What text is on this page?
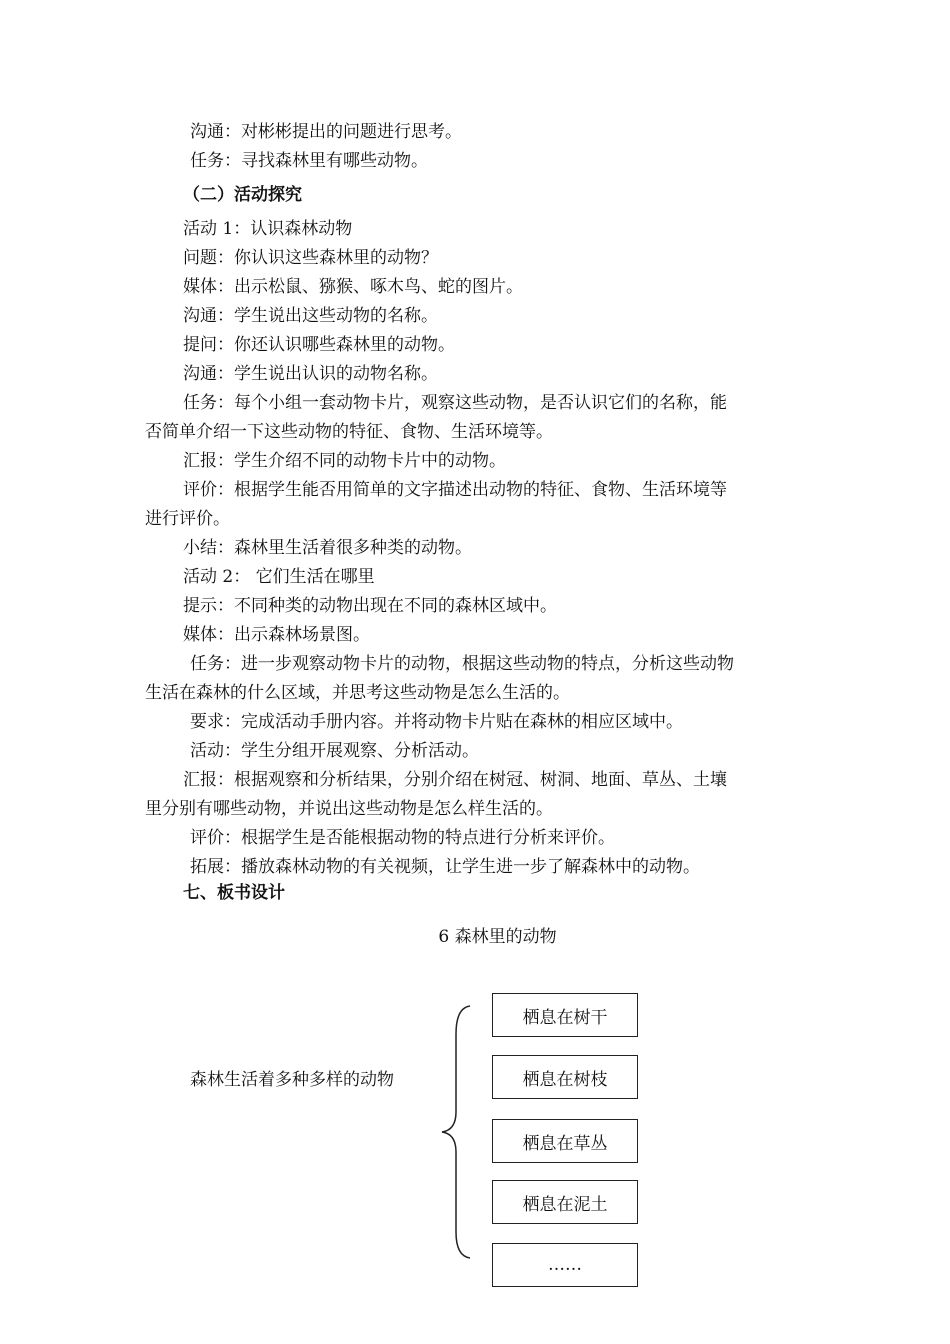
沟通：对彬彬提出的问题进行思考。
任务：寻找森林里有哪些动物。
（二）活动探究
活动 1：认识森林动物
问题：你认识这些森林里的动物？
媒体：出示松鼠、猕猴、啄木鸟、蛇的图片。
沟通：学生说出这些动物的名称。
提问：你还认识哪些森林里的动物。
沟通：学生说出认识的动物名称。
任务：每个小组一套动物卡片，观察这些动物，是否认识它们的名称，能
否简单介绍一下这些动物的特征、食物、生活环境等。
汇报：学生介绍不同的动物卡片中的动物。
评价：根据学生能否用简单的文字描述出动物的特征、食物、生活环境等
进行评价。
小结：森林里生活着很多种类的动物。
活动 2： 它们生活在哪里
提示：不同种类的动物出现在不同的森林区域中。
媒体：出示森林场景图。
任务：进一步观察动物卡片的动物，根据这些动物的特点，分析这些动物
生活在森林的什么区域，并思考这些动物是怎么生活的。
要求：完成活动手册内容。并将动物卡片贴在森林的相应区域中。
活动：学生分组开展观察、分析活动。
汇报：根据观察和分析结果，分别介绍在树冠、树洞、地面、草丛、土壤
里分别有哪些动物，并说出这些动物是怎么样生活的。
评价：根据学生是否能根据动物的特点进行分析来评价。
拓展：播放森林动物的有关视频，让学生进一步了解森林中的动物。
七、板书设计
6 森林里的动物
森林生活着多种多样的动物
栖息在树干
栖息在树枝
栖息在草丛
栖息在泥土
……
